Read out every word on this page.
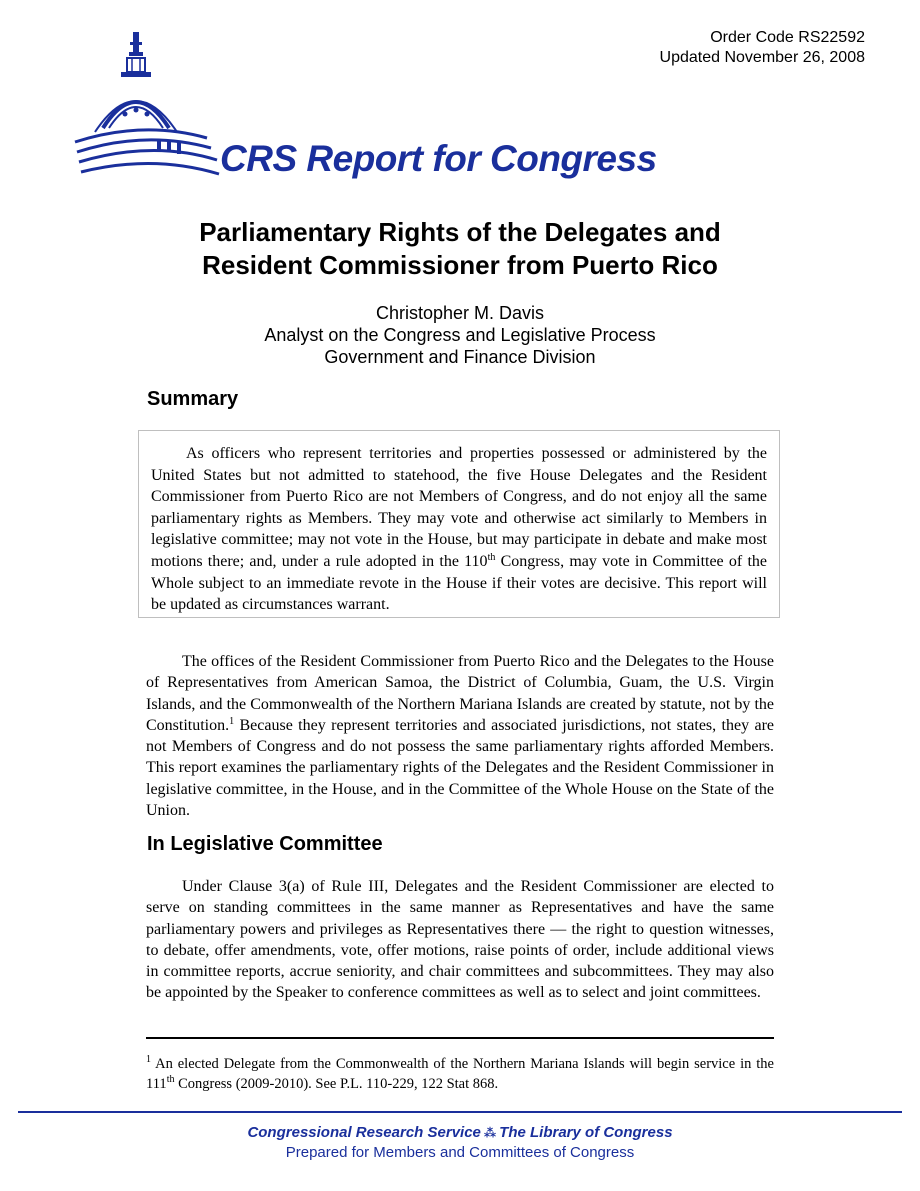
Order Code RS22592
Updated November 26, 2008
CRS Report for Congress
Parliamentary Rights of the Delegates and
Resident Commissioner from Puerto Rico
Christopher M. Davis
Analyst on the Congress and Legislative Process
Government and Finance Division
Summary

As officers who represent territories and properties possessed or administered by the United States but not admitted to statehood, the five House Delegates and the Resident Commissioner from Puerto Rico are not Members of Congress, and do not enjoy all the same parliamentary rights as Members. They may vote and otherwise act similarly to Members in legislative committee; may not vote in the House, but may participate in debate and make most motions there; and, under a rule adopted in the 110th Congress, may vote in Committee of the Whole subject to an immediate revote in the House if their votes are decisive. This report will be updated as circumstances warrant.

The offices of the Resident Commissioner from Puerto Rico and the Delegates to the House of Representatives from American Samoa, the District of Columbia, Guam, the U.S. Virgin Islands, and the Commonwealth of the Northern Mariana Islands are created by statute, not by the Constitution.$^1$ Because they represent territories and associated jurisdictions, not states, they are not Members of Congress and do not possess the same parliamentary rights afforded Members. This report examines the parliamentary rights of the Delegates and the Resident Commissioner in legislative committee, in the House, and in the Committee of the Whole House on the State of the Union.

In Legislative Committee

Under Clause 3(a) of Rule III, Delegates and the Resident Commissioner are elected to serve on standing committees in the same manner as Representatives and have the same parliamentary powers and privileges as Representatives there — the right to question witnesses, to debate, offer amendments, vote, offer motions, raise points of order, include additional views in committee reports, accrue seniority, and chair committees and subcommittees. They may also be appointed by the Speaker to conference committees as well as to select and joint committees.

$^1$ An elected Delegate from the Commonwealth of the Northern Mariana Islands will begin service in the 111th Congress (2009-2010). See P.L. 110-229, 122 Stat 868.

Congressional Research Service ⁂ The Library of Congress
Prepared for Members and Committees of Congress
